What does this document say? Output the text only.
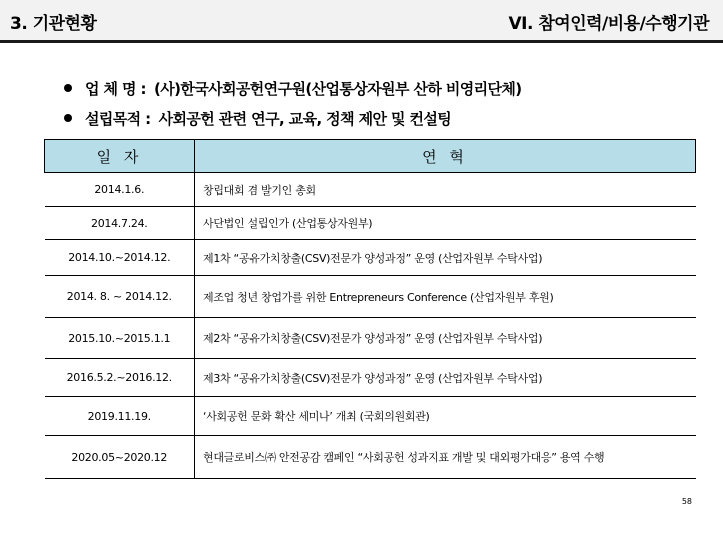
3. 기관현황	VI. 참여인력/비용/수행기관
업 체 명 : (사)한국사회공헌연구원(산업통상자원부 산하 비영리단체)
설립목적 : 사회공헌 관련 연구, 교육, 정책 제안 및 컨설팅
일 자	연 혁
2014.1.6.	창립대회 겸 발기인 총회
2014.7.24.	사단법인 설립인가 (산업통상자원부)
2014.10.~2014.12.	제1차 “공유가치창출(CSV)전문가 양성과정” 운영 (산업자원부 수탁사업)
2014. 8. ~ 2014.12.	제조업 청년 창업가를 위한 Entrepreneurs Conference (산업자원부 후원)
2015.10.~2015.1.1	제2차 “공유가치창출(CSV)전문가 양성과정” 운영 (산업자원부 수탁사업)
2016.5.2.~2016.12.	제3차 “공유가치창출(CSV)전문가 양성과정” 운영 (산업자원부 수탁사업)
2019.11.19.	‘사회공헌 문화 확산 세미나’ 개최 (국회의원회관)
2020.05~2020.12	현대글로비스㈜ 안전공감 캠페인 “사회공헌 성과지표 개발 및 대외평가대응” 용역 수행
58
